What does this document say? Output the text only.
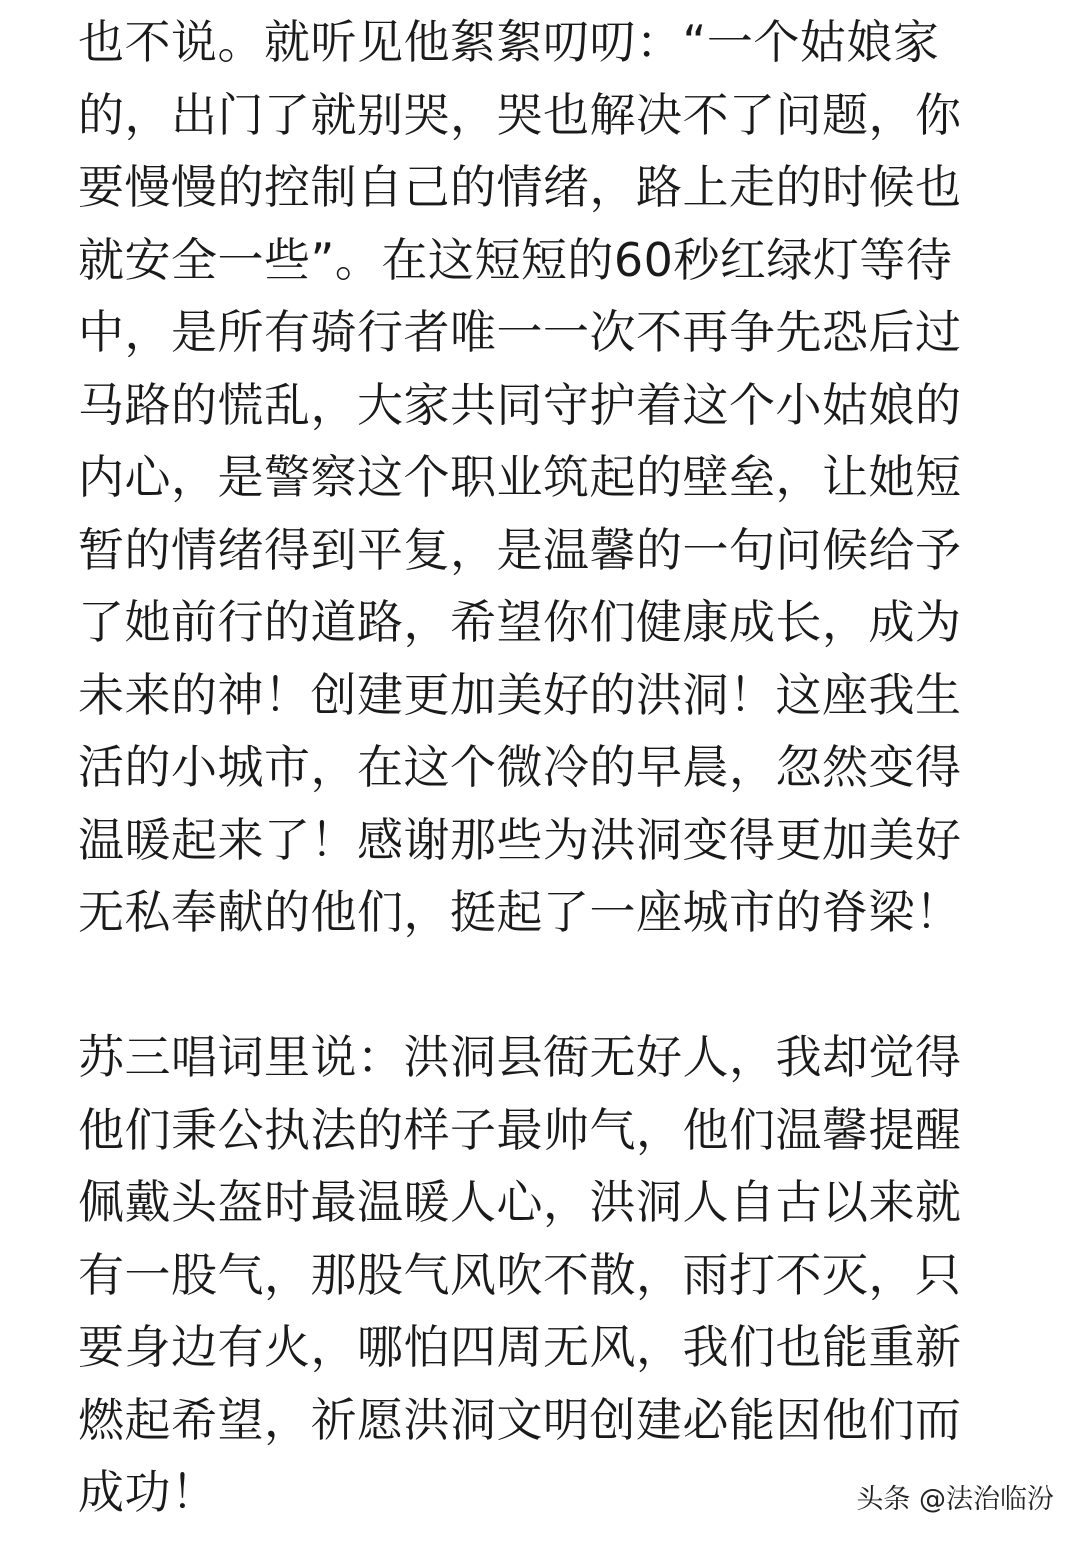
也不说。就听见他絮絮叨叨：“一个姑娘家
的，出门了就别哭，哭也解决不了问题，你
要慢慢的控制自己的情绪，路上走的时候也
就安全一些”。在这短短的60秒红绿灯等待
中，是所有骑行者唯一一次不再争先恐后过
马路的慌乱，大家共同守护着这个小姑娘的
内心，是警察这个职业筑起的壁垒，让她短
暂的情绪得到平复，是温馨的一句问候给予
了她前行的道路，希望你们健康成长，成为
未来的神！创建更加美好的洪洞！这座我生
活的小城市，在这个微冷的早晨，忽然变得
温暖起来了！感谢那些为洪洞变得更加美好
无私奉献的他们，挺起了一座城市的脊梁！
苏三唱词里说：洪洞县衙无好人，我却觉得
他们秉公执法的样子最帅气，他们温馨提醒
佩戴头盔时最温暖人心，洪洞人自古以来就
有一股气，那股气风吹不散，雨打不灭，只
要身边有火，哪怕四周无风，我们也能重新
燃起希望，祈愿洪洞文明创建必能因他们而
成功！	头条 @法治临汾
